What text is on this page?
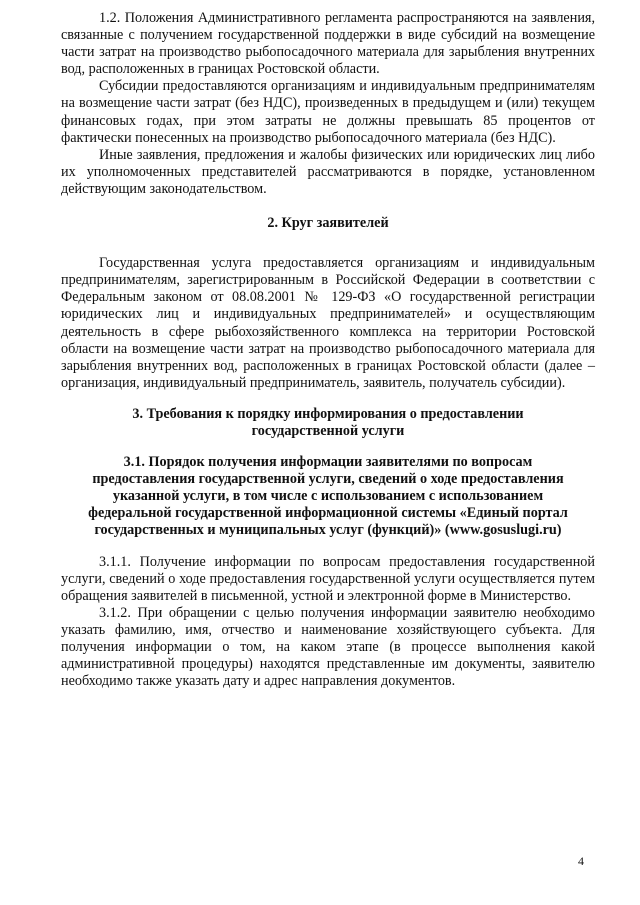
1.2. Положения Административного регламента распространяются на заявления, связанные с получением государственной поддержки в виде субсидий на возмещение части затрат на производство рыбопосадочного материала для зарыбления внутренних вод, расположенных в границах Ростовской области.

Субсидии предоставляются организациям и индивидуальным предпринимателям на возмещение части затрат (без НДС), произведенных в предыдущем и (или) текущем финансовых годах, при этом затраты не должны превышать 85 процентов от фактически понесенных на производство рыбопосадочного материала (без НДС).

Иные заявления, предложения и жалобы физических или юридических лиц либо их уполномоченных представителей рассматриваются в порядке, установленном действующим законодательством.

2. Круг заявителей

Государственная услуга предоставляется организациям и индивидуальным предпринимателям, зарегистрированным в Российской Федерации в соответствии с Федеральным законом от 08.08.2001 № 129-ФЗ «О государственной регистрации юридических лиц и индивидуальных предпринимателей» и осуществляющим деятельность в сфере рыбохозяйственного комплекса на территории Ростовской области на возмещение части затрат на производство рыбопосадочного материала для зарыбления внутренних вод, расположенных в границах Ростовской области (далее – организация, индивидуальный предприниматель, заявитель, получатель субсидии).

3. Требования к порядку информирования о предоставлении

государственной услуги

3.1. Порядок получения информации заявителями по вопросам

предоставления государственной услуги, сведений о ходе предоставления

указанной услуги, в том числе с использованием с использованием

федеральной государственной информационной системы «Единый портал

государственных и муниципальных услуг (функций)» (www.gosuslugi.ru)

3.1.1. Получение информации по вопросам предоставления государственной услуги, сведений о ходе предоставления государственной услуги осуществляется путем обращения заявителей в письменной, устной и электронной форме в Министерство.

3.1.2. При обращении с целью получения информации заявителю необходимо указать фамилию, имя, отчество и наименование хозяйствующего субъекта. Для получения информации о том, на каком этапе (в процессе выполнения какой административной процедуры) находятся представленные им документы, заявителю необходимо также указать дату и адрес направления документов.

4
